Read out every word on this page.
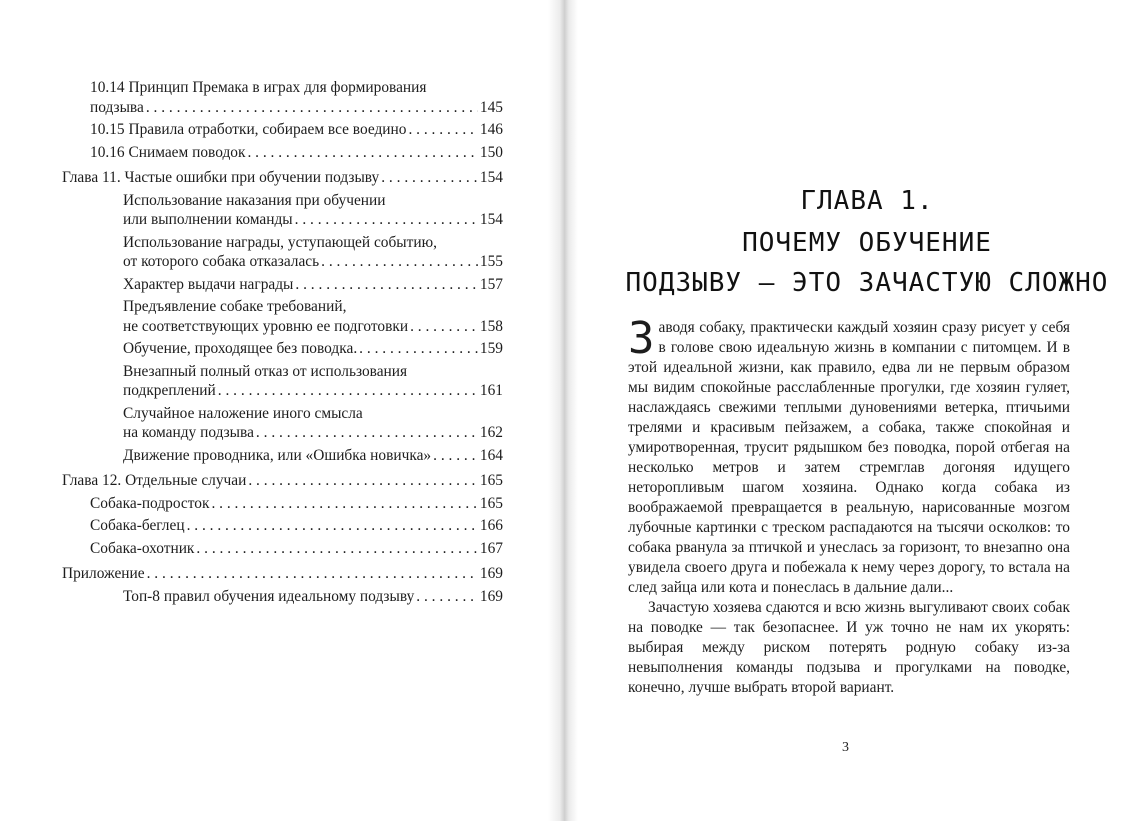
10.14 Принцип Премака в играх для формирования
подзыва . . .	145
10.15 Правила отработки, собираем все воедино . . .	146
10.16 Снимаем поводок . . .	150
Глава 11. Частые ошибки при обучении подзыву . . .	154
Использование наказания при обучении
или выполнении команды . . .	154
Использование награды, уступающей событию,
от которого собака отказалась . . .	155
Характер выдачи награды . . .	157
Предъявление собаке требований,
не соответствующих уровню ее подготовки . . .	158
Обучение, проходящее без поводка. . . .	159
Внезапный полный отказ от использования
подкреплений . . .	161
Случайное наложение иного смысла
на команду подзыва . . .	162
Движение проводника, или «Ошибка новичка» . . .	164
Глава 12. Отдельные случаи . . .	165
Собака-подросток . . .	165
Собака-беглец . . .	166
Собака-охотник . . .	167
Приложение . . .	169
Топ-8 правил обучения идеальному подзыву . . .	169
ГЛАВА 1.
ПОЧЕМУ ОБУЧЕНИЕ
ПОДЗЫВУ — ЭТО ЗАЧАСТУЮ СЛОЖНО

Заводя собаку, практически каждый хозяин сразу рисует у себя в голове свою идеальную жизнь в компании с питомцем. И в этой идеальной жизни, как правило, едва ли не первым образом мы видим спокойные расслабленные прогулки, где хозяин гуляет, наслаждаясь свежими теплыми дуновениями ветерка, птичьими трелями и красивым пейзажем, а собака, также спокойная и умиротворенная, трусит рядышком без поводка, порой отбегая на несколько метров и затем стремглав догоняя идущего неторопливым шагом хозяина. Однако когда собака из воображаемой превращается в реальную, нарисованные мозгом лубочные картинки с треском распадаются на тысячи осколков: то собака рванула за птичкой и унеслась за горизонт, то внезапно она увидела своего друга и побежала к нему через дорогу, то встала на след зайца или кота и понеслась в дальние дали...

Зачастую хозяева сдаются и всю жизнь выгуливают своих собак на поводке — так безопаснее. И уж точно не нам их укорять: выбирая между риском потерять родную собаку из-за невыполнения команды подзыва и прогулками на поводке, конечно, лучше выбрать второй вариант.

3
